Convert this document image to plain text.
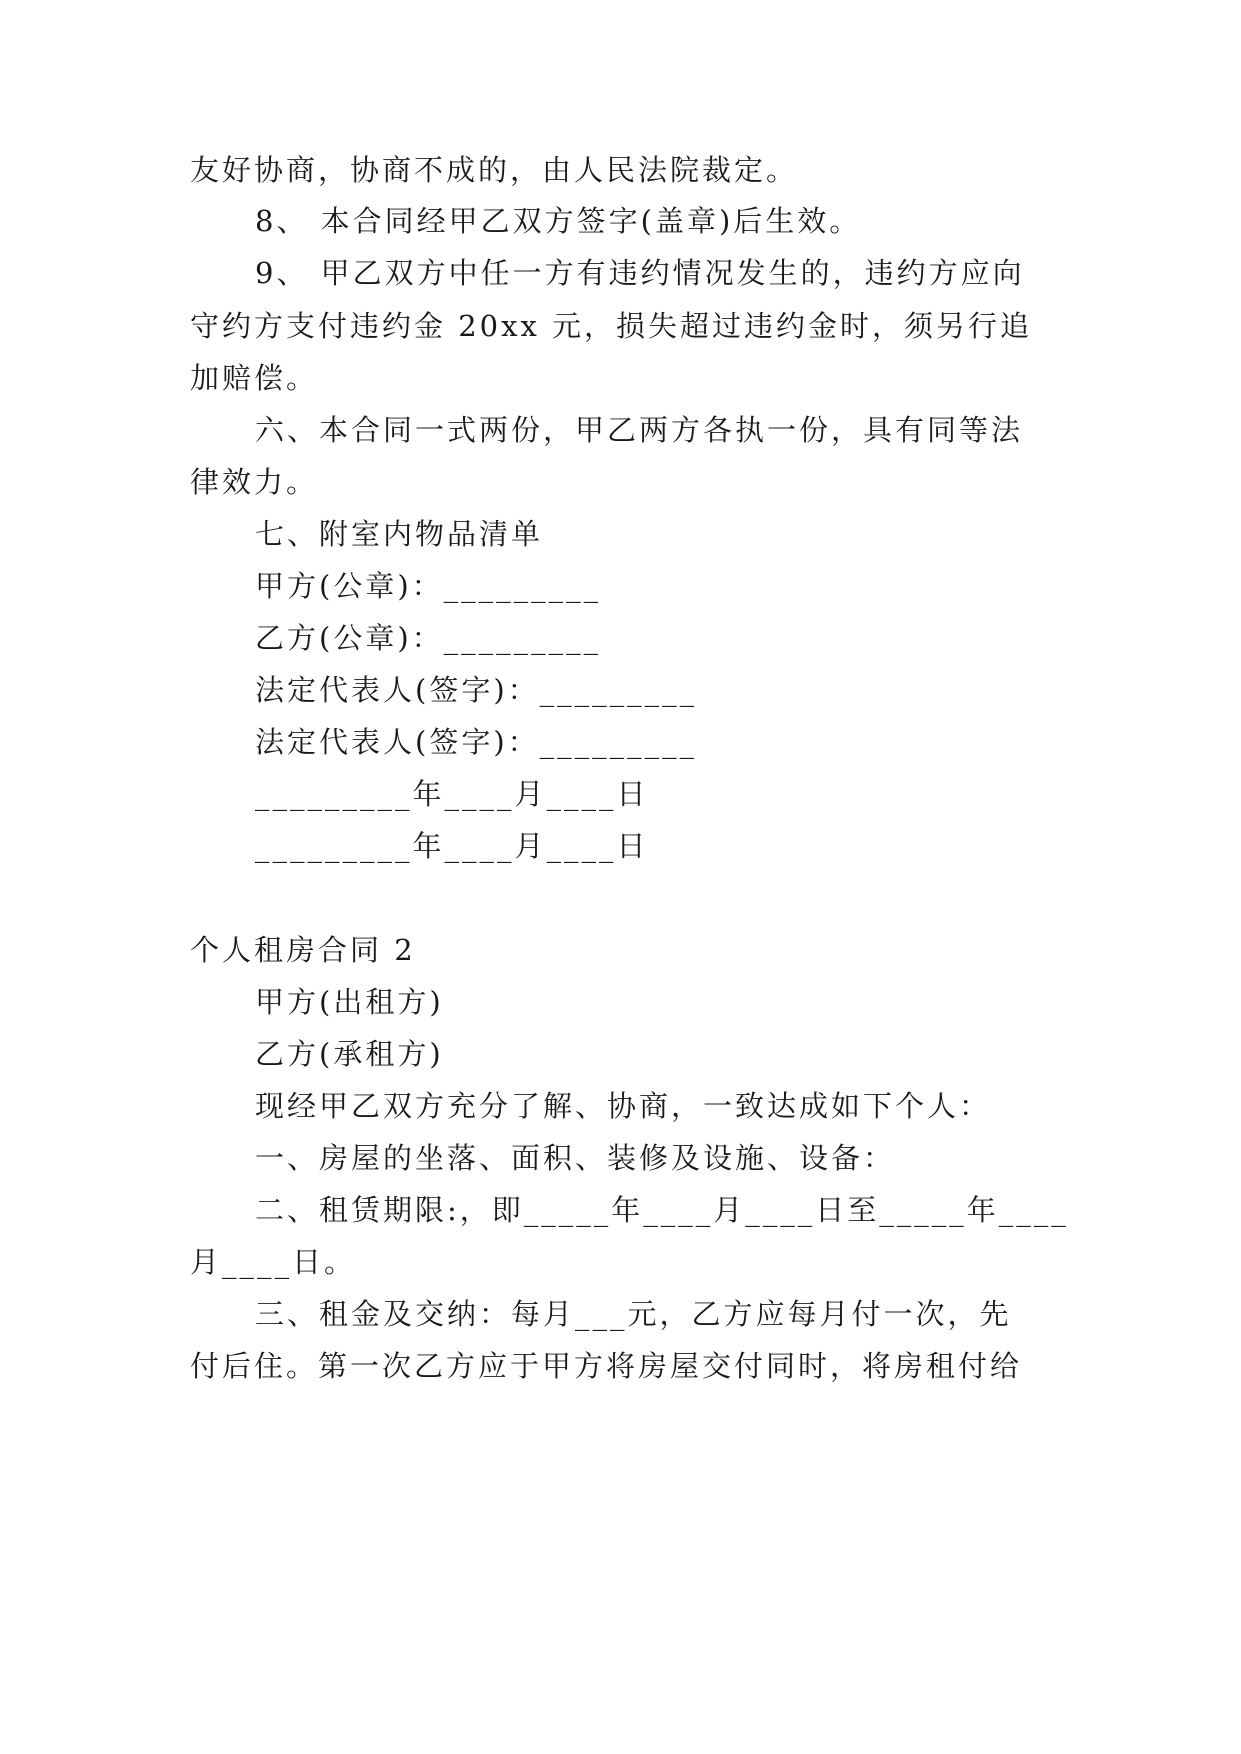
友好协商，协商不成的，由人民法院裁定。
8、 本合同经甲乙双方签字(盖章)后生效。
9、 甲乙双方中任一方有违约情况发生的，违约方应向
守约方支付违约金 20xx 元，损失超过违约金时，须另行追
加赔偿。
六、本合同一式两份，甲乙两方各执一份，具有同等法
律效力。
七、附室内物品清单
甲方(公章)：_________
乙方(公章)：_________
法定代表人(签字)：_________
法定代表人(签字)：_________
_________年____月____日
_________年____月____日
个人租房合同 2
甲方(出租方)
乙方(承租方)
现经甲乙双方充分了解、协商，一致达成如下个人：
一、房屋的坐落、面积、装修及设施、设备：
二、租赁期限:，即_____年____月____日至_____年____
月____日。
三、租金及交纳：每月___元，乙方应每月付一次，先
付后住。第一次乙方应于甲方将房屋交付同时，将房租付给
